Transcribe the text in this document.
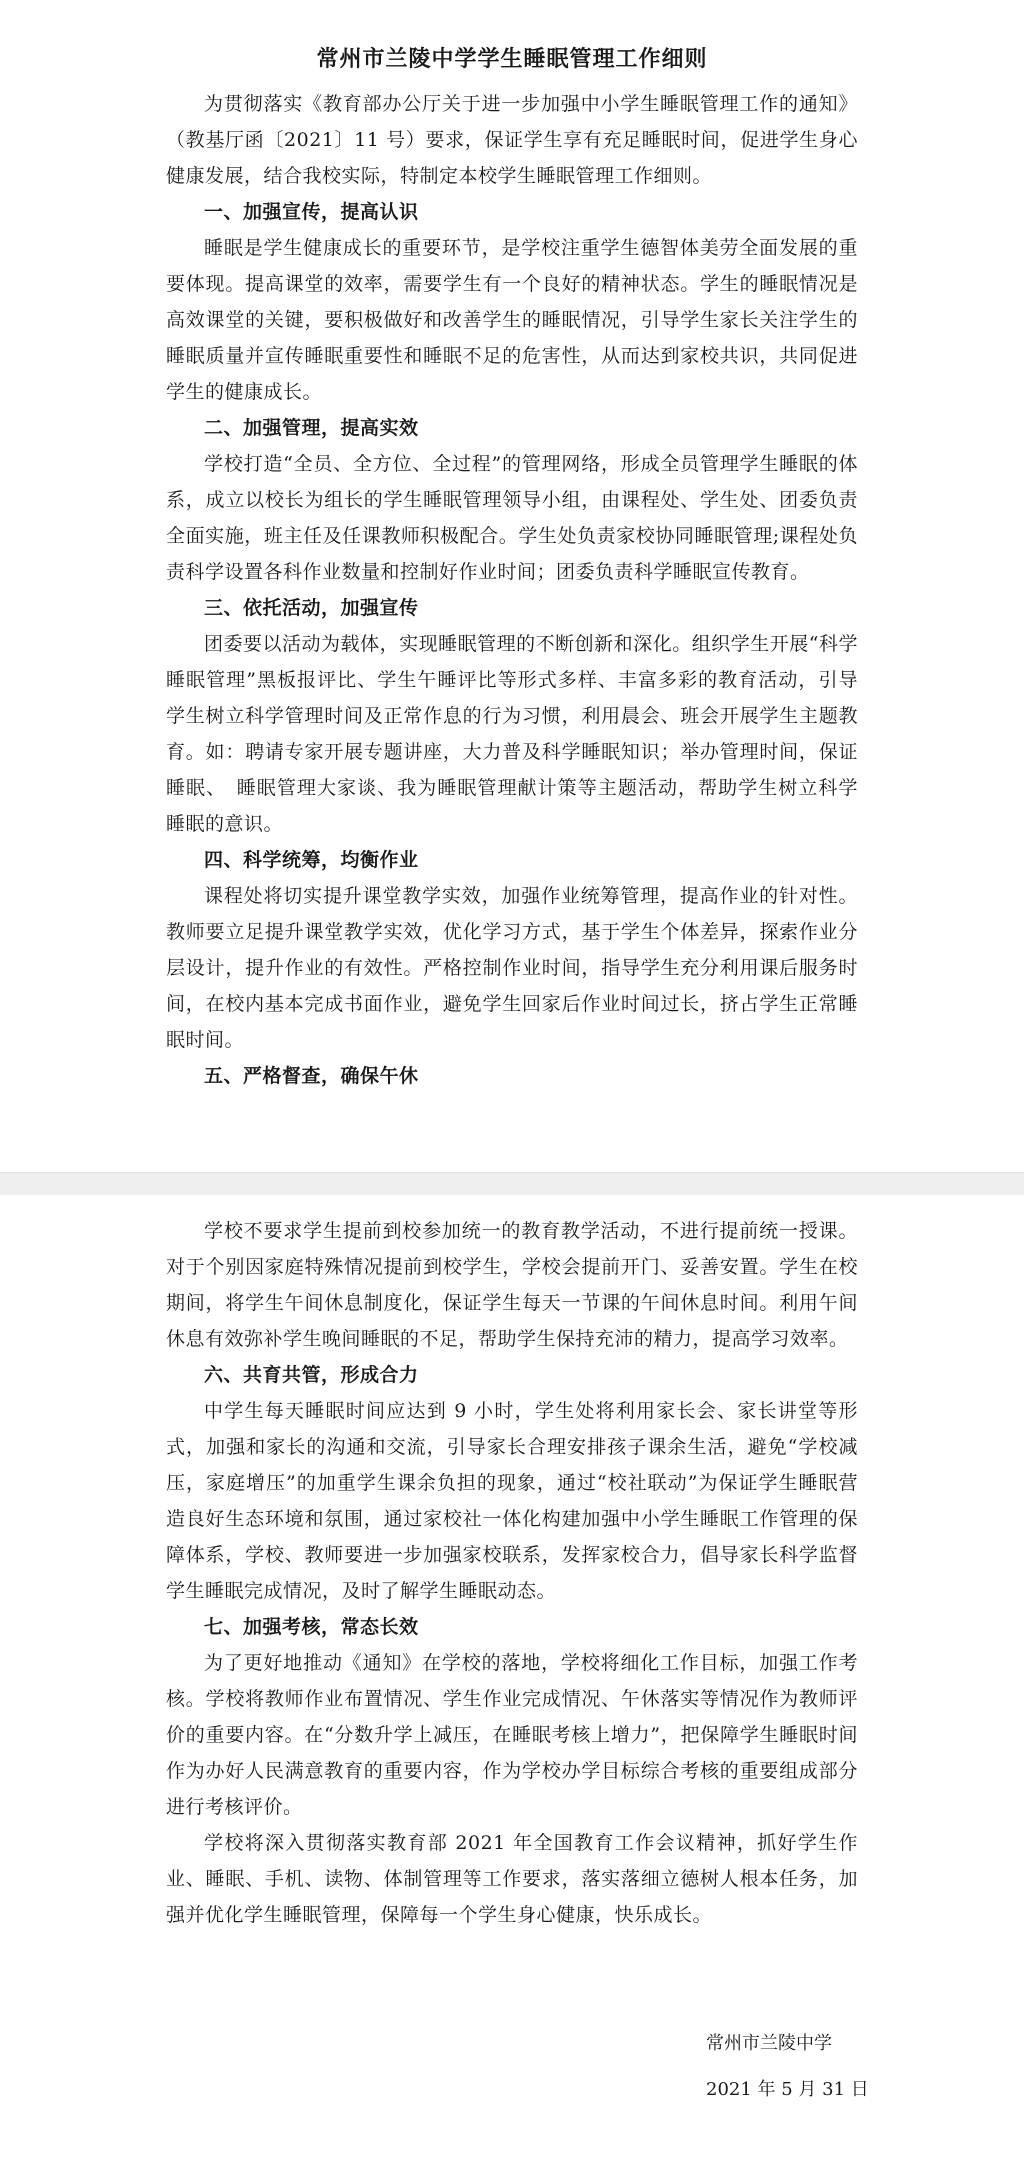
常州市兰陵中学学生睡眠管理工作细则

为贯彻落实《教育部办公厅关于进一步加强中小学生睡眠管理工作的通知》（教基厅函〔2021〕11 号）要求，保证学生享有充足睡眠时间，促进学生身心健康发展，结合我校实际，特制定本校学生睡眠管理工作细则。

一、加强宣传，提高认识

睡眠是学生健康成长的重要环节，是学校注重学生德智体美劳全面发展的重要体现。提高课堂的效率，需要学生有一个良好的精神状态。学生的睡眠情况是高效课堂的关键，要积极做好和改善学生的睡眠情况，引导学生家长关注学生的睡眠质量并宣传睡眠重要性和睡眠不足的危害性，从而达到家校共识，共同促进学生的健康成长。

二、加强管理，提高实效

学校打造“全员、全方位、全过程”的管理网络，形成全员管理学生睡眠的体系，成立以校长为组长的学生睡眠管理领导小组，由课程处、学生处、团委负责全面实施，班主任及任课教师积极配合。学生处负责家校协同睡眠管理;课程处负责科学设置各科作业数量和控制好作业时间；团委负责科学睡眠宣传教育。

三、依托活动，加强宣传

团委要以活动为载体，实现睡眠管理的不断创新和深化。组织学生开展“科学睡眠管理”黑板报评比、学生午睡评比等形式多样、丰富多彩的教育活动，引导学生树立科学管理时间及正常作息的行为习惯，利用晨会、班会开展学生主题教育。如：聘请专家开展专题讲座，大力普及科学睡眠知识；举办管理时间，保证睡眠、　睡眠管理大家谈、我为睡眠管理献计策等主题活动，帮助学生树立科学睡眠的意识。

四、科学统筹，均衡作业

课程处将切实提升课堂教学实效，加强作业统筹管理，提高作业的针对性。教师要立足提升课堂教学实效，优化学习方式，基于学生个体差异，探索作业分层设计，提升作业的有效性。严格控制作业时间，指导学生充分利用课后服务时间，在校内基本完成书面作业，避免学生回家后作业时间过长，挤占学生正常睡眠时间。

五、严格督查，确保午休

学校不要求学生提前到校参加统一的教育教学活动，不进行提前统一授课。对于个别因家庭特殊情况提前到校学生，学校会提前开门、妥善安置。学生在校期间，将学生午间休息制度化，保证学生每天一节课的午间休息时间。利用午间休息有效弥补学生晚间睡眠的不足，帮助学生保持充沛的精力，提高学习效率。

六、共育共管，形成合力

中学生每天睡眠时间应达到 9 小时，学生处将利用家长会、家长讲堂等形式，加强和家长的沟通和交流，引导家长合理安排孩子课余生活，避免“学校减压，家庭增压”的加重学生课余负担的现象，通过“校社联动”为保证学生睡眠营造良好生态环境和氛围，通过家校社一体化构建加强中小学生睡眠工作管理的保障体系，学校、教师要进一步加强家校联系，发挥家校合力，倡导家长科学监督学生睡眠完成情况，及时了解学生睡眠动态。

七、加强考核，常态长效

为了更好地推动《通知》在学校的落地，学校将细化工作目标，加强工作考核。学校将教师作业布置情况、学生作业完成情况、午休落实等情况作为教师评价的重要内容。在“分数升学上减压，在睡眠考核上增力”，把保障学生睡眠时间作为办好人民满意教育的重要内容，作为学校办学目标综合考核的重要组成部分进行考核评价。

学校将深入贯彻落实教育部 2021 年全国教育工作会议精神，抓好学生作业、睡眠、手机、读物、体制管理等工作要求，落实落细立德树人根本任务，加强并优化学生睡眠管理，保障每一个学生身心健康，快乐成长。

常州市兰陵中学
2021 年 5 月 31 日
